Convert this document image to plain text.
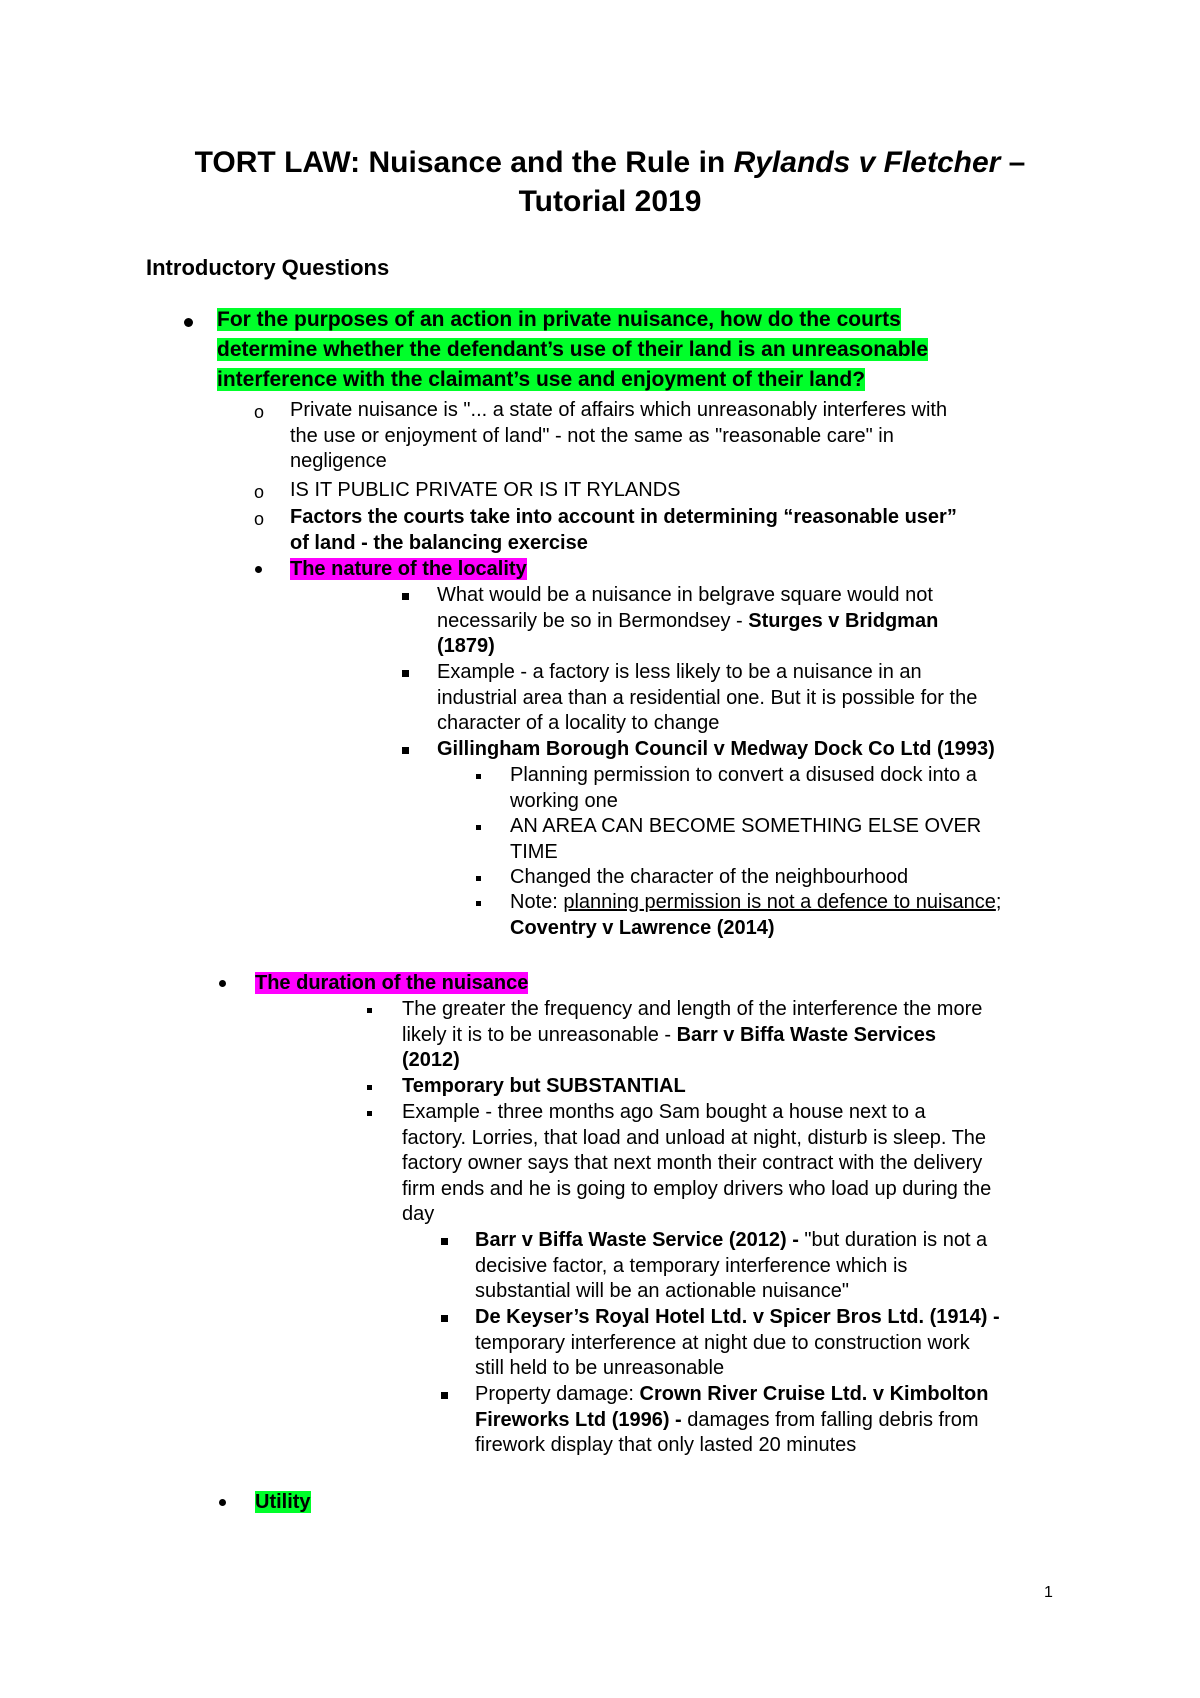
TORT LAW: Nuisance and the Rule in Rylands v Fletcher –
Tutorial 2019
Introductory Questions
For the purposes of an action in private nuisance, how do the courts
determine whether the defendant’s use of their land is an unreasonable
interference with the claimant’s use and enjoyment of their land?
o Private nuisance is "... a state of affairs which unreasonably interferes with
the use or enjoyment of land" - not the same as "reasonable care" in
negligence
o IS IT PUBLIC PRIVATE OR IS IT RYLANDS
o Factors the courts take into account in determining “reasonable user”
of land - the balancing exercise
The nature of the locality
What would be a nuisance in belgrave square would not
necessarily be so in Bermondsey - Sturges v Bridgman
(1879)
Example - a factory is less likely to be a nuisance in an
industrial area than a residential one. But it is possible for the
character of a locality to change
Gillingham Borough Council v Medway Dock Co Ltd (1993)
Planning permission to convert a disused dock into a
working one
AN AREA CAN BECOME SOMETHING ELSE OVER
TIME
Changed the character of the neighbourhood
Note: planning permission is not a defence to nuisance;
Coventry v Lawrence (2014)
The duration of the nuisance
The greater the frequency and length of the interference the more
likely it is to be unreasonable - Barr v Biffa Waste Services
(2012)
Temporary but SUBSTANTIAL
Example - three months ago Sam bought a house next to a
factory. Lorries, that load and unload at night, disturb is sleep. The
factory owner says that next month their contract with the delivery
firm ends and he is going to employ drivers who load up during the
day
Barr v Biffa Waste Service (2012) - "but duration is not a
decisive factor, a temporary interference which is
substantial will be an actionable nuisance"
De Keyser’s Royal Hotel Ltd. v Spicer Bros Ltd. (1914) -
temporary interference at night due to construction work
still held to be unreasonable
Property damage: Crown River Cruise Ltd. v Kimbolton
Fireworks Ltd (1996) - damages from falling debris from
firework display that only lasted 20 minutes
Utility
1
